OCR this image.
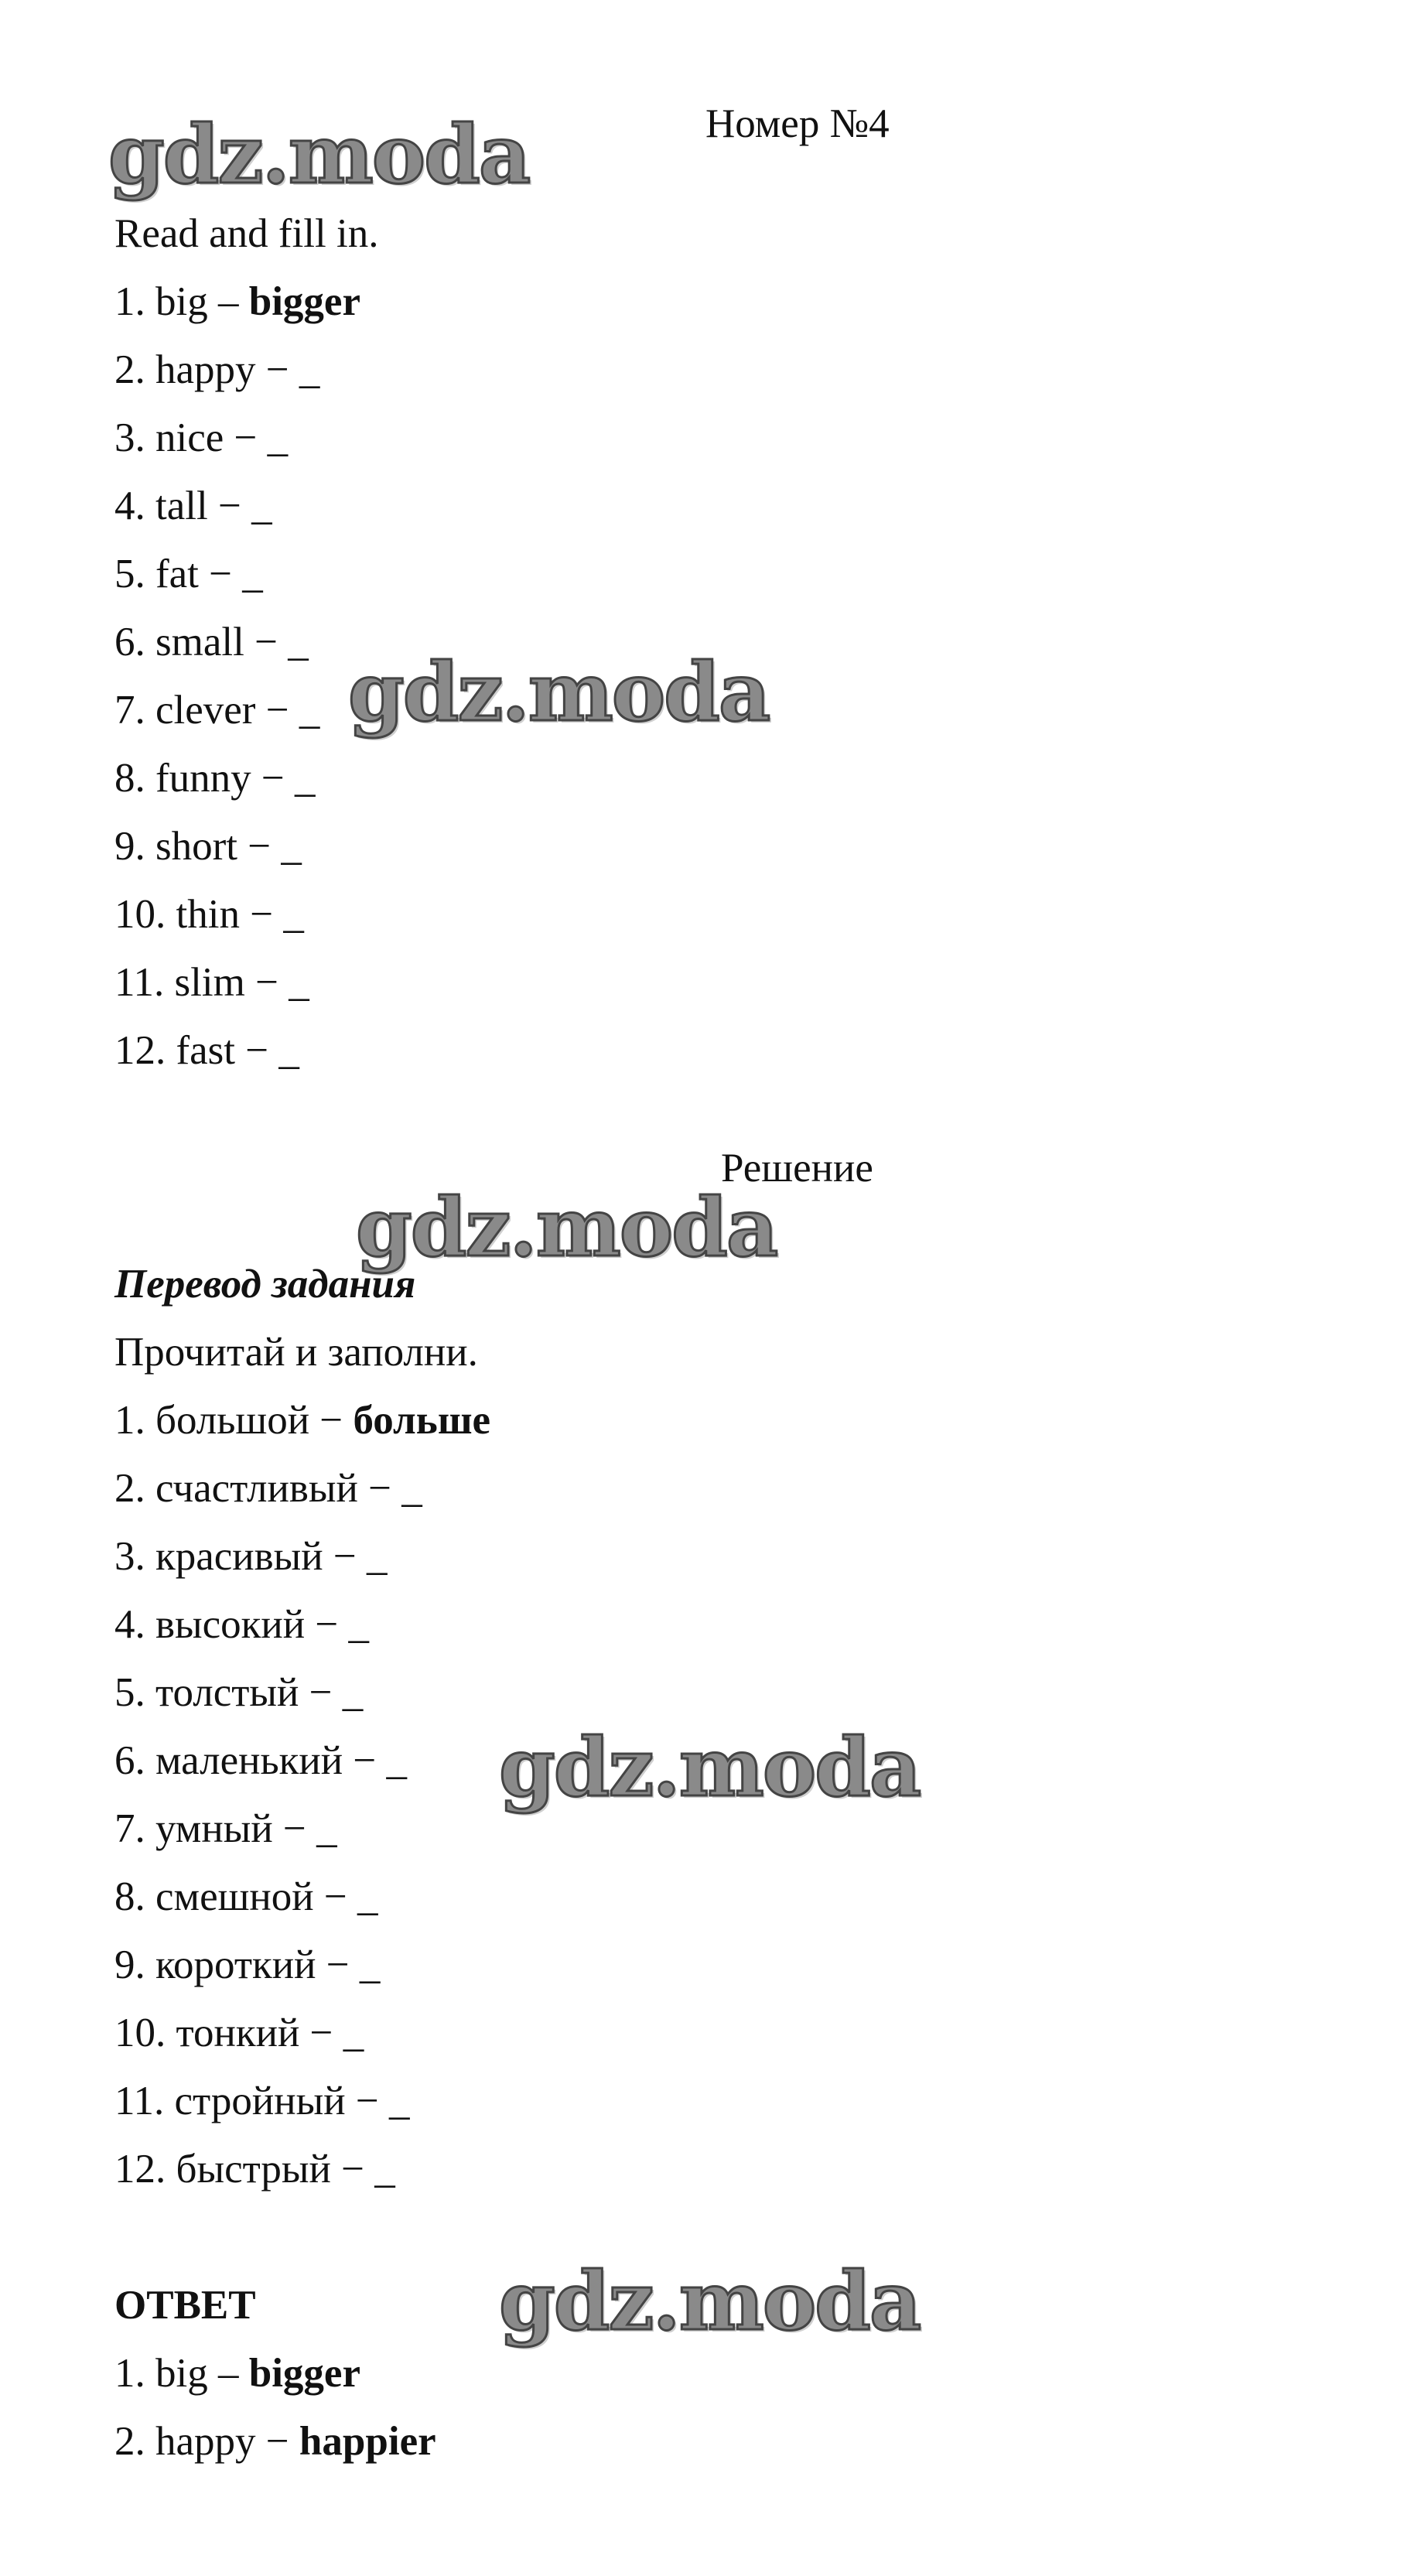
gdz.moda
gdz.moda
gdz.moda
gdz.moda
gdz.moda
Номер №4
Read and fill in.
1. big – bigger
2. happy − _
3. nice − _
4. tall − _
5. fat − _
6. small − _
7. clever − _
8. funny − _
9. short − _
10. thin − _
11. slim − _
12. fast − _
Решение
Перевод задания
Прочитай и заполни.
1. большой − больше
2. счастливый − _
3. красивый − _
4. высокий − _
5. толстый − _
6. маленький − _
7. умный − _
8. смешной − _
9. короткий − _
10. тонкий − _
11. стройный − _
12. быстрый − _
ОТВЕТ
1. big – bigger
2. happy − happier
